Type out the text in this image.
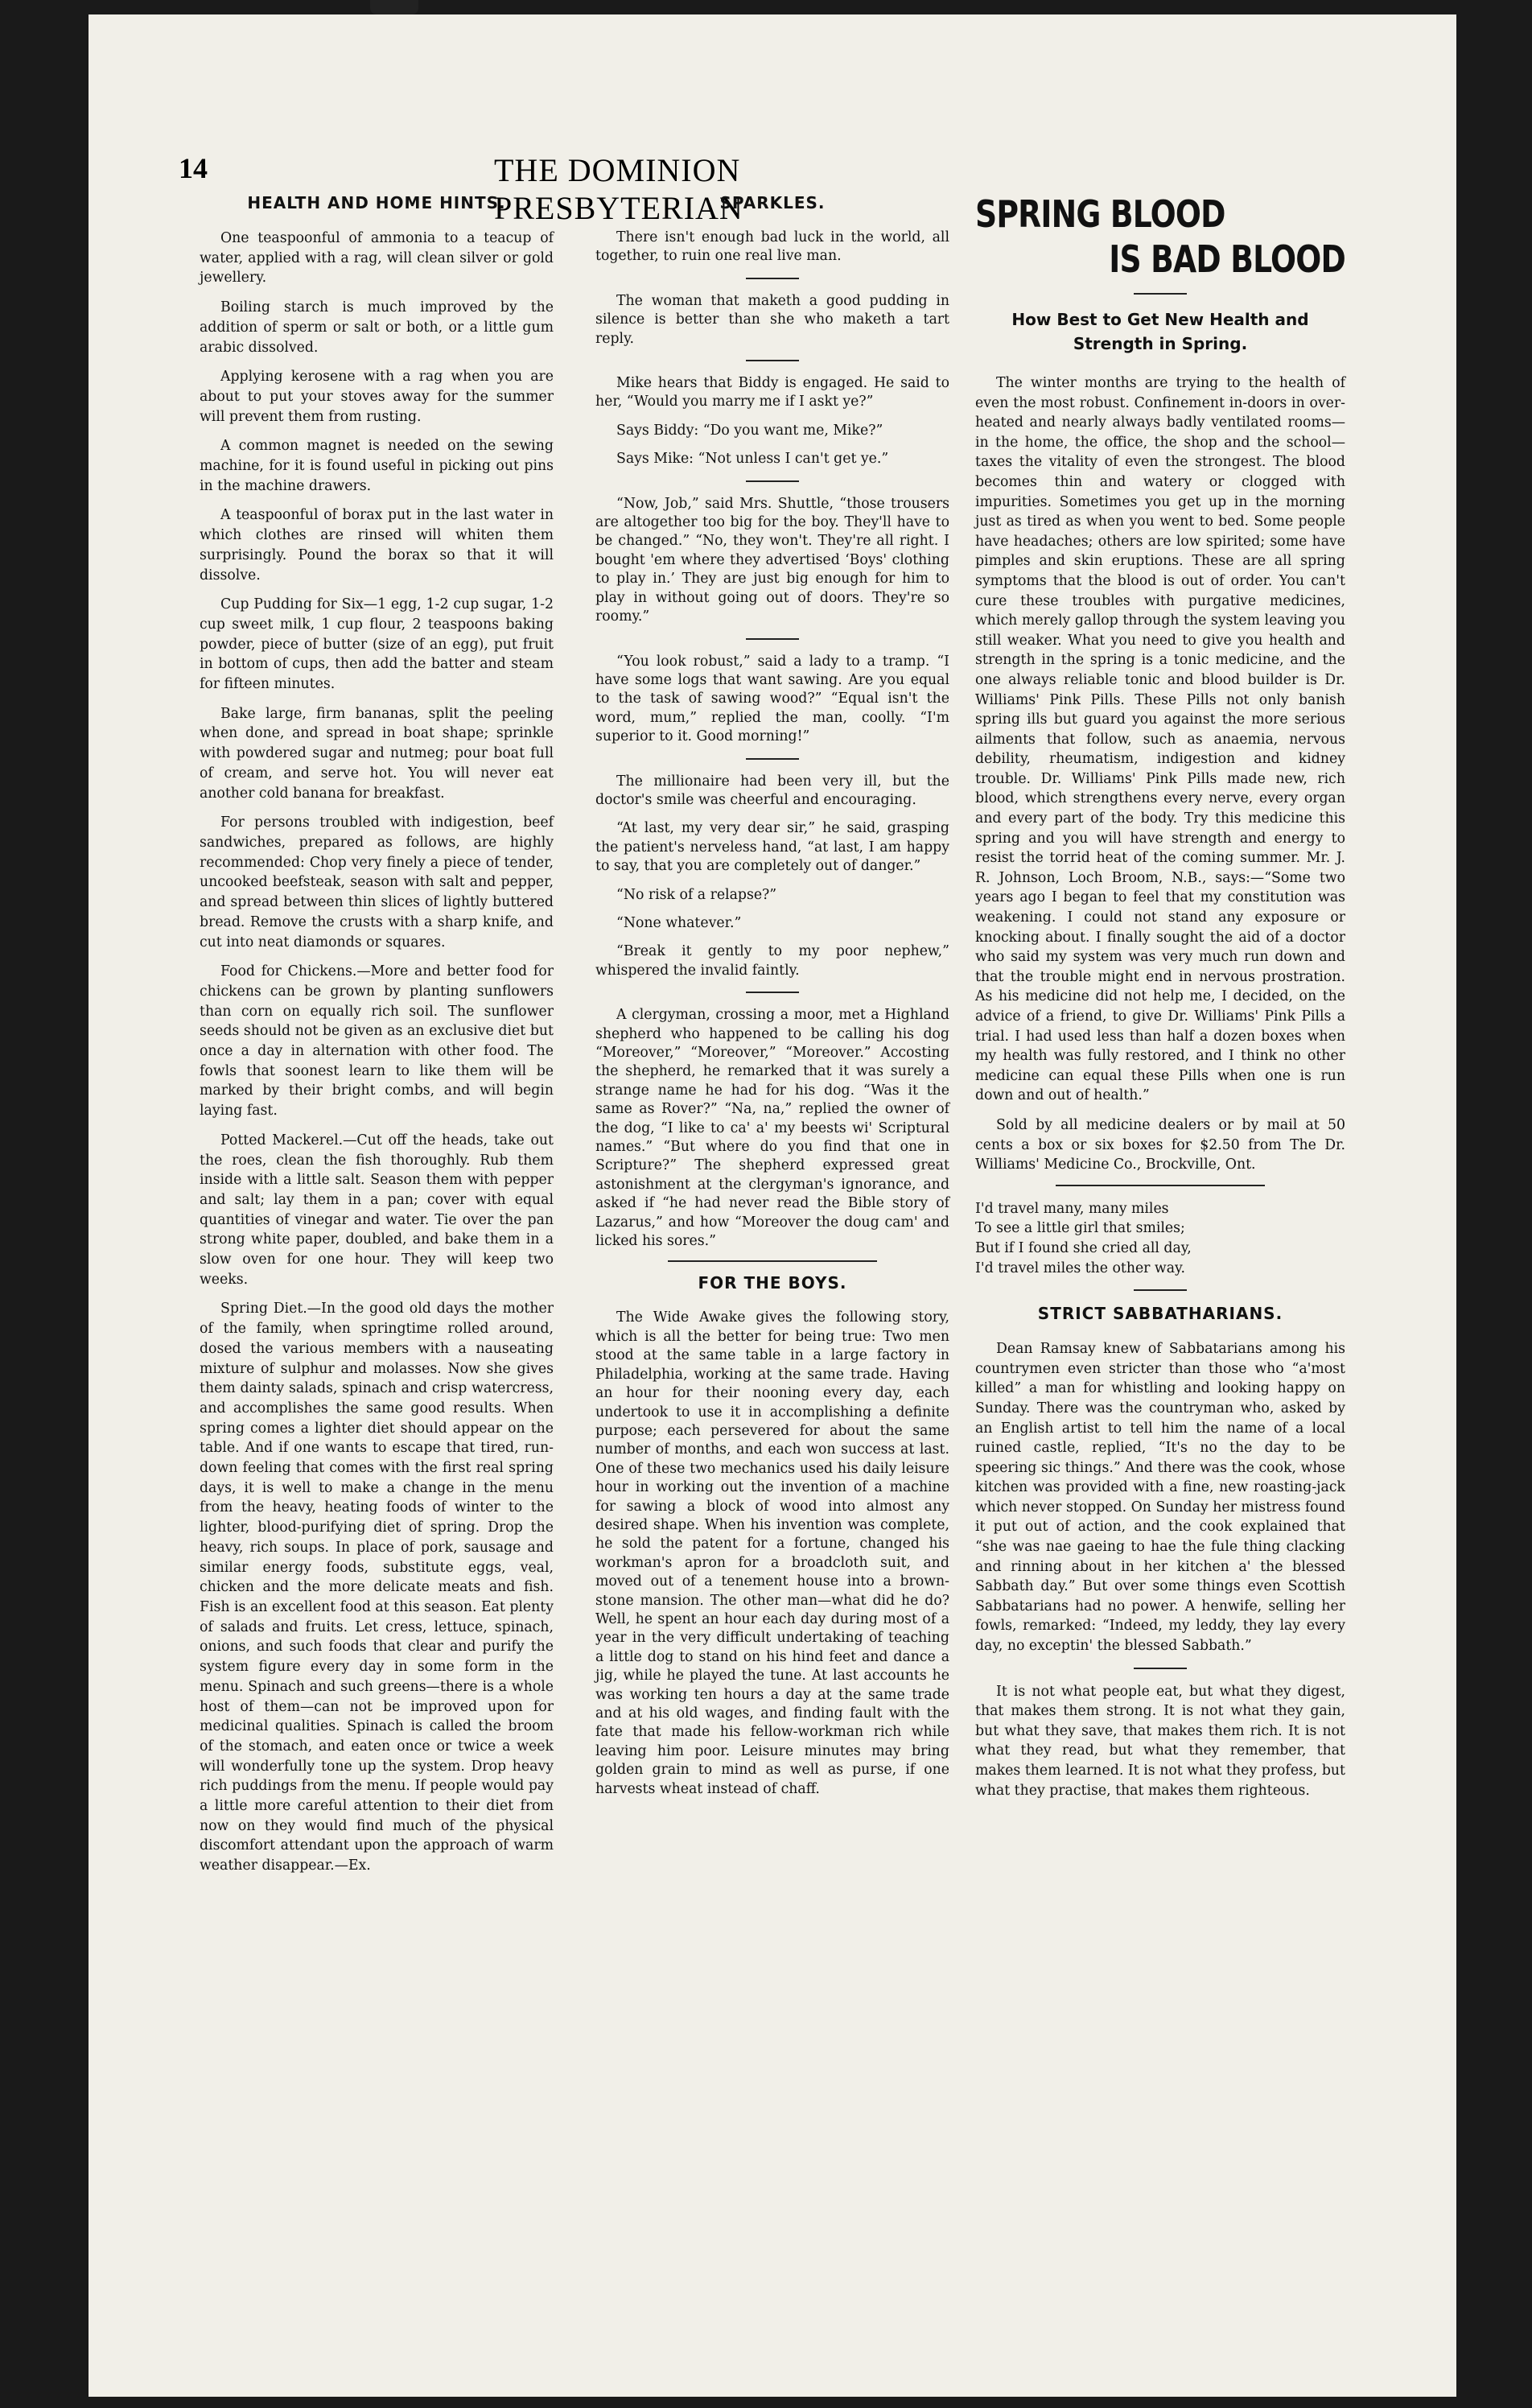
14	THE DOMINION PRESBYTERIAN
HEALTH AND HOME HINTS.

One teaspoonful of ammonia to a teacup of water, applied with a rag, will clean silver or gold jewellery.

Boiling starch is much improved by the addition of sperm or salt or both, or a little gum arabic dissolved.

Applying kerosene with a rag when you are about to put your stoves away for the summer will prevent them from rusting.

A common magnet is needed on the sewing machine, for it is found useful in picking out pins in the machine drawers.

A teaspoonful of borax put in the last water in which clothes are rinsed will whiten them surprisingly. Pound the borax so that it will dissolve.

Cup Pudding for Six—1 egg, 1-2 cup sugar, 1-2 cup sweet milk, 1 cup flour, 2 teaspoons baking powder, piece of butter (size of an egg), put fruit in bottom of cups, then add the batter and steam for fifteen minutes.

Bake large, firm bananas, split the peeling when done, and spread in boat shape; sprinkle with powdered sugar and nutmeg; pour boat full of cream, and serve hot. You will never eat another cold banana for breakfast.

For persons troubled with indigestion, beef sandwiches, prepared as follows, are highly recommended: Chop very finely a piece of tender, uncooked beefsteak, season with salt and pepper, and spread between thin slices of lightly buttered bread. Remove the crusts with a sharp knife, and cut into neat diamonds or squares.

Food for Chickens.—More and better food for chickens can be grown by planting sunflowers than corn on equally rich soil. The sunflower seeds should not be given as an exclusive diet but once a day in alternation with other food. The fowls that soonest learn to like them will be marked by their bright combs, and will begin laying fast.

Potted Mackerel.—Cut off the heads, take out the roes, clean the fish thoroughly. Rub them inside with a little salt. Season them with pepper and salt; lay them in a pan; cover with equal quantities of vinegar and water. Tie over the pan strong white paper, doubled, and bake them in a slow oven for one hour. They will keep two weeks.

Spring Diet.—In the good old days the mother of the family, when springtime rolled around, dosed the various members with a nauseating mixture of sulphur and molasses. Now she gives them dainty salads, spinach and crisp watercress, and accomplishes the same good results. When spring comes a lighter diet should appear on the table. And if one wants to escape that tired, run-down feeling that comes with the first real spring days, it is well to make a change in the menu from the heavy, heating foods of winter to the lighter, blood-purifying diet of spring. Drop the heavy, rich soups. In place of pork, sausage and similar energy foods, substitute eggs, veal, chicken and the more delicate meats and fish. Fish is an excellent food at this season. Eat plenty of salads and fruits. Let cress, lettuce, spinach, onions, and such foods that clear and purify the system figure every day in some form in the menu. Spinach and such greens—there is a whole host of them—can not be improved upon for medicinal qualities. Spinach is called the broom of the stomach, and eaten once or twice a week will wonderfully tone up the system. Drop heavy rich puddings from the menu. If people would pay a little more careful attention to their diet from now on they would find much of the physical discomfort attendant upon the approach of warm weather disappear.—Ex.

SPARKLES.

There isn't enough bad luck in the world, all together, to ruin one real live man.

The woman that maketh a good pudding in silence is better than she who maketh a tart reply.

Mike hears that Biddy is engaged. He said to her, “Would you marry me if I askt ye?”

Says Biddy: “Do you want me, Mike?”

Says Mike: “Not unless I can't get ye.”

“Now, Job,” said Mrs. Shuttle, “those trousers are altogether too big for the boy. They'll have to be changed.” “No, they won't. They're all right. I bought 'em where they advertised ‘Boys' clothing to play in.’ They are just big enough for him to play in without going out of doors. They're so roomy.”

“You look robust,” said a lady to a tramp. “I have some logs that want sawing. Are you equal to the task of sawing wood?” “Equal isn't the word, mum,” replied the man, coolly. “I'm superior to it. Good morning!”

The millionaire had been very ill, but the doctor's smile was cheerful and encouraging.

“At last, my very dear sir,” he said, grasping the patient's nerveless hand, “at last, I am happy to say, that you are completely out of danger.”

“No risk of a relapse?”

“None whatever.”

“Break it gently to my poor nephew,” whispered the invalid faintly.

A clergyman, crossing a moor, met a Highland shepherd who happened to be calling his dog “Moreover,” “Moreover,” “Moreover.” Accosting the shepherd, he remarked that it was surely a strange name he had for his dog. “Was it the same as Rover?” “Na, na,” replied the owner of the dog, “I like to ca' a' my beests wi' Scriptural names.” “But where do you find that one in Scripture?” The shepherd expressed great astonishment at the clergyman's ignorance, and asked if “he had never read the Bible story of Lazarus,” and how “Moreover the doug cam' and licked his sores.”

FOR THE BOYS.

The Wide Awake gives the following story, which is all the better for being true: Two men stood at the same table in a large factory in Philadelphia, working at the same trade. Having an hour for their nooning every day, each undertook to use it in accomplishing a definite purpose; each persevered for about the same number of months, and each won success at last. One of these two mechanics used his daily leisure hour in working out the invention of a machine for sawing a block of wood into almost any desired shape. When his invention was complete, he sold the patent for a fortune, changed his workman's apron for a broadcloth suit, and moved out of a tenement house into a brown-stone mansion. The other man—what did he do? Well, he spent an hour each day during most of a year in the very difficult undertaking of teaching a little dog to stand on his hind feet and dance a jig, while he played the tune. At last accounts he was working ten hours a day at the same trade and at his old wages, and finding fault with the fate that made his fellow-workman rich while leaving him poor. Leisure minutes may bring golden grain to mind as well as purse, if one harvests wheat instead of chaff.

SPRING BLOOD
IS BAD BLOOD
How Best to Get New Health and Strength in Spring.

The winter months are trying to the health of even the most robust. Confinement in-doors in over-heated and nearly always badly ventilated rooms—in the home, the office, the shop and the school—taxes the vitality of even the strongest. The blood becomes thin and watery or clogged with impurities. Sometimes you get up in the morning just as tired as when you went to bed. Some people have headaches; others are low spirited; some have pimples and skin eruptions. These are all spring symptoms that the blood is out of order. You can't cure these troubles with purgative medicines, which merely gallop through the system leaving you still weaker. What you need to give you health and strength in the spring is a tonic medicine, and the one always reliable tonic and blood builder is Dr. Williams' Pink Pills. These Pills not only banish spring ills but guard you against the more serious ailments that follow, such as anaemia, nervous debility, rheumatism, indigestion and kidney trouble. Dr. Williams' Pink Pills made new, rich blood, which strengthens every nerve, every organ and every part of the body. Try this medicine this spring and you will have strength and energy to resist the torrid heat of the coming summer. Mr. J. R. Johnson, Loch Broom, N.B., says:—“Some two years ago I began to feel that my constitution was weakening. I could not stand any exposure or knocking about. I finally sought the aid of a doctor who said my system was very much run down and that the trouble might end in nervous prostration. As his medicine did not help me, I decided, on the advice of a friend, to give Dr. Williams' Pink Pills a trial. I had used less than half a dozen boxes when my health was fully restored, and I think no other medicine can equal these Pills when one is run down and out of health.”

Sold by all medicine dealers or by mail at 50 cents a box or six boxes for $2.50 from The Dr. Williams' Medicine Co., Brockville, Ont.

I'd travel many, many miles
To see a little girl that smiles;
But if I found she cried all day,
I'd travel miles the other way.
STRICT SABBATHARIANS.

Dean Ramsay knew of Sabbatarians among his countrymen even stricter than those who “a'most killed” a man for whistling and looking happy on Sunday. There was the countryman who, asked by an English artist to tell him the name of a local ruined castle, replied, “It's no the day to be speering sic things.” And there was the cook, whose kitchen was provided with a fine, new roasting-jack which never stopped. On Sunday her mistress found it put out of action, and the cook explained that “she was nae gaeing to hae the fule thing clacking and rinning about in her kitchen a' the blessed Sabbath day.” But over some things even Scottish Sabbatarians had no power. A henwife, selling her fowls, remarked: “Indeed, my leddy, they lay every day, no exceptin' the blessed Sabbath.”

It is not what people eat, but what they digest, that makes them strong. It is not what they gain, but what they save, that makes them rich. It is not what they read, but what they remember, that makes them learned. It is not what they profess, but what they practise, that makes them righteous.
